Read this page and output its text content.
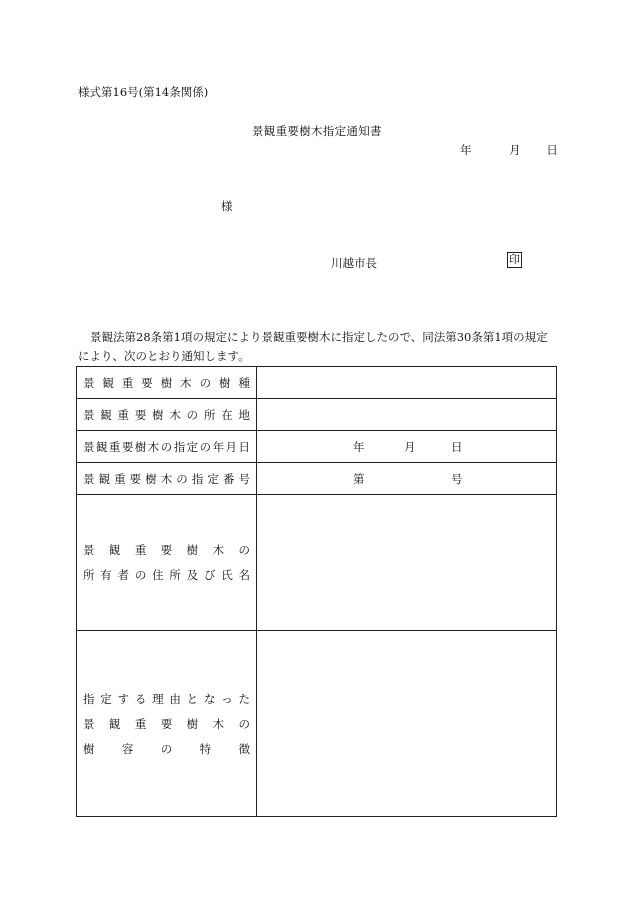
様式第16号(第14条関係)
景観重要樹木指定通知書
年	月 日
様
川越市長	印
景観法第28条第1項の規定により景観重要樹木に指定したので、同法第30条第1項の規定により、次のとおり通知します。
景観重要樹木の樹種
景観重要樹木の所在地
景観重要樹木の指定の年月日	年	月	日
景観重要樹木の指定番号	第	号
景観重要樹木の
所有者の住所及び氏名
指定する理由となった
景観重要樹木の
樹容の特徴
